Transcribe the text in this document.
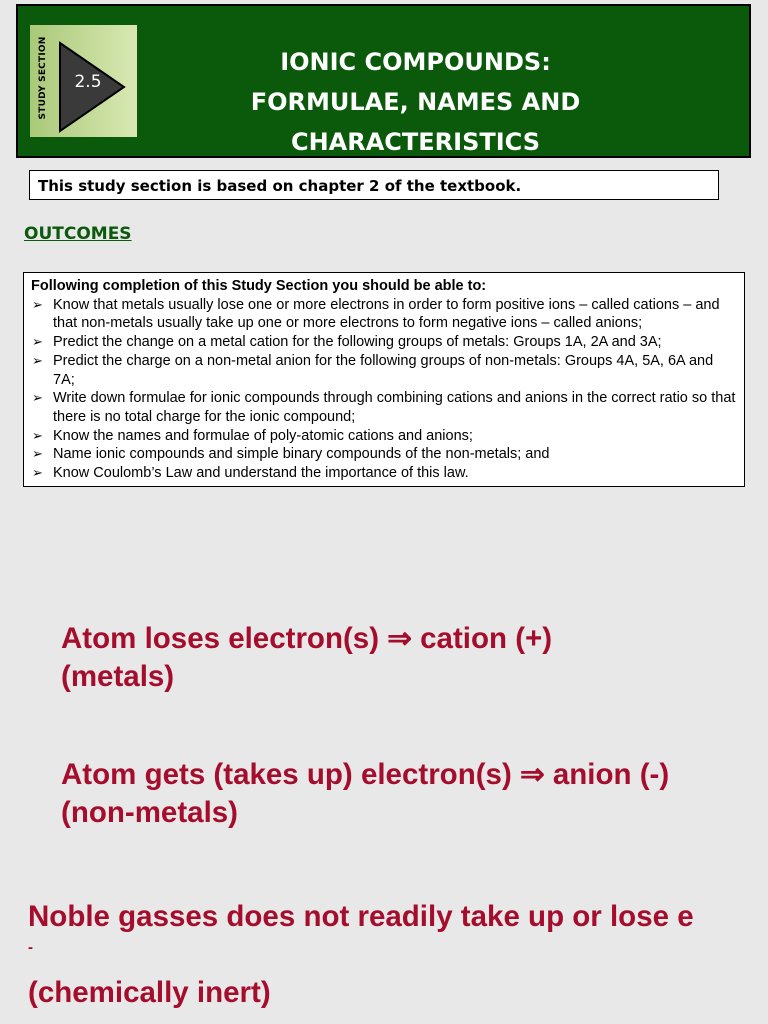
STUDY SECTION	2.5
IONIC COMPOUNDS:
FORMULAE, NAMES AND
CHARACTERISTICS
This study section is based on chapter 2 of the textbook.
OUTCOMES
Following completion of this Study Section you should be able to:
➢ Know that metals usually lose one or more electrons in order to form positive ions – called cations – and that non-metals usually take up one or more electrons to form negative ions – called anions;
➢ Predict the change on a metal cation for the following groups of metals: Groups 1A, 2A and 3A;
➢ Predict the charge on a non-metal anion for the following groups of non-metals: Groups 4A, 5A, 6A and 7A;
➢ Write down formulae for ionic compounds through combining cations and anions in the correct ratio so that there is no total charge for the ionic compound;
➢ Know the names and formulae of poly-atomic cations and anions;
➢ Name ionic compounds and simple binary compounds of the non-metals; and
➢ Know Coulomb’s Law and understand the importance of this law.
Atom loses electron(s) ⇒ cation (+)
(metals)
Atom gets (takes up) electron(s) ⇒ anion (-)
(non-metals)
Noble gasses does not readily take up or lose e
-
(chemically inert)
